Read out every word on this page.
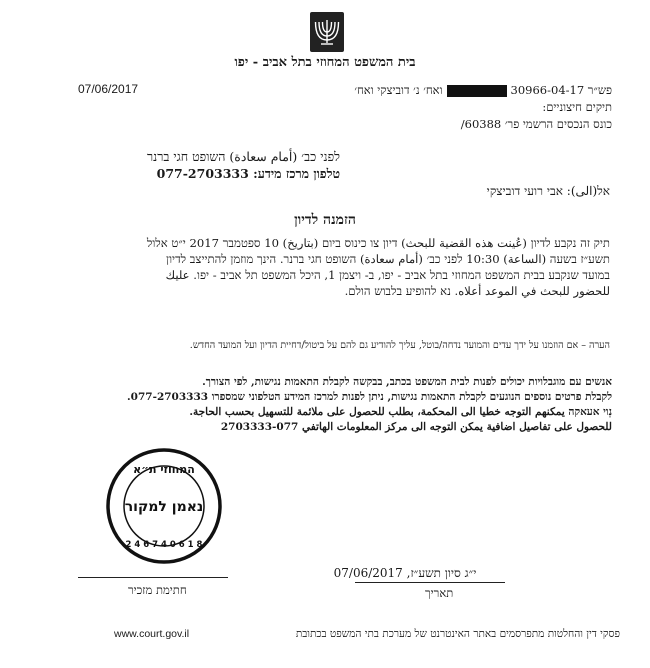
בית המשפט המחוזי בתל אביב - יפו
07/06/2017	פש״ר 30966-04-17ואח׳ נ׳ דוביצקי ואח׳
תיקים חיצוניים:
כונס הנכסים הרשמי פר׳ 60388/
לפני כב׳ (أمام سعادة) השופט חגי ברנר
טלפון מרכז מידע: 077-2703333
אל(الى): אבי רועי דוביצקי
הזמנה לדיון
תיק זה נקבע לדיון (عُينت هذه القضية للبحث) דיון צו כינוס ביום (بتاريخ) 10 ספטמבר 2017 י״ט אלול
תשע״ז בשעה (الساعة) 10:30 לפני כב׳ (أمام سعادة) השופט חגי ברנר. הינך מוזמן להתייצב לדיון
במועד שנקבע בבית המשפט המחוזי בתל אביב - יפו, ב- ויצמן 1, היכל המשפט תל אביב - יפו. عليك
للحضور للبحث في الموعد أعلاه. נא להופיע בלבוש הולם.
הערה – אם הוזמנו על ידך עדים והמועד נדחה/בוטל, עליך להודיע גם להם על ביטול/דחיית הדיון ועל המועד החדש.
אנשים עם מוגבלויות יכולים לפנות לבית המשפט בכתב, בבקשה לקבלת התאמות נגישות, לפי הצורך.
לקבלת פרטים נוספים הנוגעים לקבלת התאמות נגישות, ניתן לפנות למרכז המידע הטלפוני שמספרו 077-2703333.
נְוי אעאקה يمكنهم التوجه خطيا الى المحكمة، بطلب للحصول على ملائمة للتسهيل بحسب الحاجة.
للحصول على تفاصيل اضافية يمكن التوجه الى مركز المعلومات الهاتفي 077-2703333
המחוזי ת״א
נאמן למקור
2 4 6 7 4 0 6 1 8
חתימת מזכיר
י״ג סיון תשע״ז, 07/06/2017
תאריך
www.court.gov.il	פסקי דין והחלטות מתפרסמים באתר האינטרנט של מערכת בתי המשפט בכתובת
